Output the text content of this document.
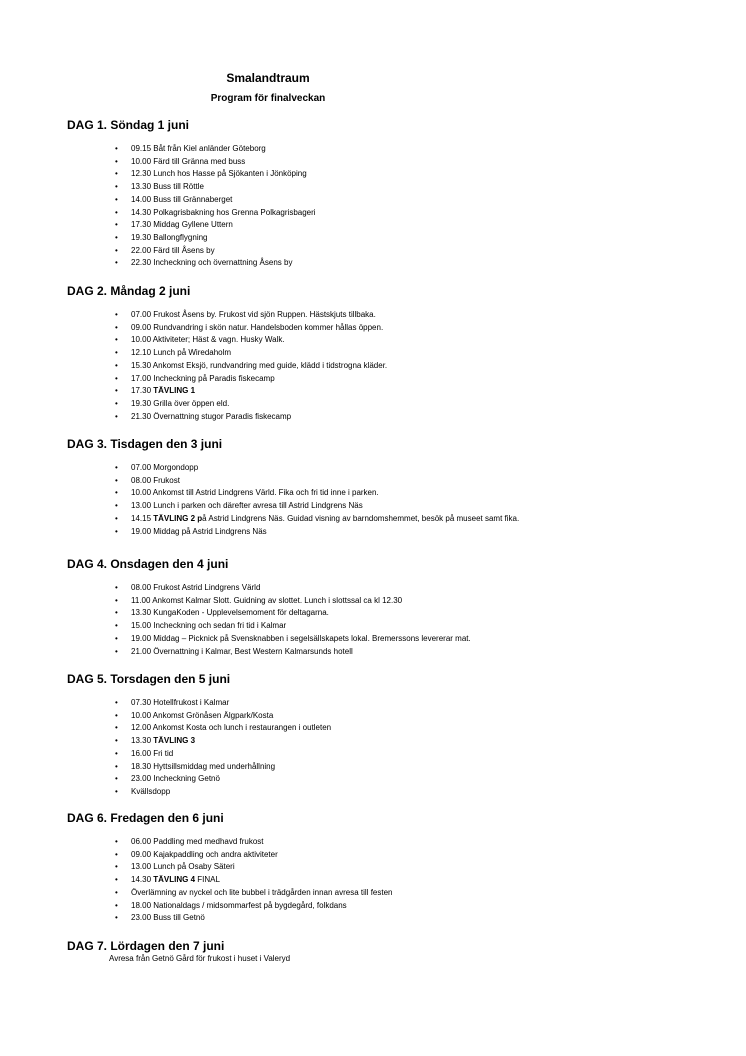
Smalandtraum
Program för finalveckan
DAG 1. Söndag 1 juni
• 09.15 Båt från Kiel anländer Göteborg
• 10.00 Färd till Gränna med buss
• 12.30 Lunch hos Hasse på Sjökanten i Jönköping
• 13.30 Buss till Röttle
• 14.00 Buss till Grännaberget
• 14.30 Polkagrisbakning hos Grenna Polkagrisbageri
• 17.30 Middag Gyllene Uttern
• 19.30 Ballongflygning
• 22.00 Färd till Åsens by
• 22.30 Incheckning och övernattning Åsens by
DAG 2. Måndag 2 juni
• 07.00 Frukost Åsens by. Frukost vid sjön Ruppen. Hästskjuts tillbaka.
• 09.00 Rundvandring i skön natur. Handelsboden kommer hållas öppen.
• 10.00 Aktiviteter; Häst & vagn. Husky Walk.
• 12.10 Lunch på Wiredaholm
• 15.30 Ankomst Eksjö, rundvandring med guide, klädd i tidstrogna kläder.
• 17.00 Incheckning på Paradis fiskecamp
• 17.30 TÄVLING 1
• 19.30 Grilla över öppen eld.
• 21.30 Övernattning stugor Paradis fiskecamp
DAG 3. Tisdagen den 3 juni
• 07.00 Morgondopp
• 08.00 Frukost
• 10.00 Ankomst till Astrid Lindgrens Värld. Fika och fri tid inne i parken.
• 13.00 Lunch i parken och därefter avresa till Astrid Lindgrens Näs
• 14.15 TÄVLING 2 på Astrid Lindgrens Näs. Guidad visning av barndomshemmet, besök på museet samt fika.
• 19.00 Middag på Astrid Lindgrens Näs
DAG 4. Onsdagen den 4 juni
• 08.00 Frukost Astrid Lindgrens Värld
• 11.00 Ankomst Kalmar Slott. Guidning av slottet. Lunch i slottssal ca kl 12.30
• 13.30 KungaKoden - Upplevelsemoment för deltagarna.
• 15.00 Incheckning och sedan fri tid i Kalmar
• 19.00 Middag – Picknick på Svensknabben i segelsällskapets lokal. Bremerssons levererar mat.
• 21.00 Övernattning i Kalmar, Best Western Kalmarsunds hotell
DAG 5. Torsdagen den 5 juni
• 07.30 Hotellfrukost i Kalmar
• 10.00 Ankomst Grönåsen Älgpark/Kosta
• 12.00 Ankomst Kosta och lunch i restaurangen i outleten
• 13.30 TÄVLING 3
• 16.00 Fri tid
• 18.30 Hyttsillsmiddag med underhållning
• 23.00 Incheckning Getnö
• Kvällsdopp
DAG 6. Fredagen den 6 juni
• 06.00 Paddling med medhavd frukost
• 09.00 Kajakpaddling och andra aktiviteter
• 13.00 Lunch på Osaby Säteri
• 14.30 TÄVLING 4 FINAL
• Överlämning av nyckel och lite bubbel i trädgården innan avresa till festen
• 18.00 Nationaldags / midsommarfest på bygdegård, folkdans
• 23.00 Buss till Getnö
DAG 7. Lördagen den 7 juni

Avresa från Getnö Gård för frukost i huset i Valeryd
